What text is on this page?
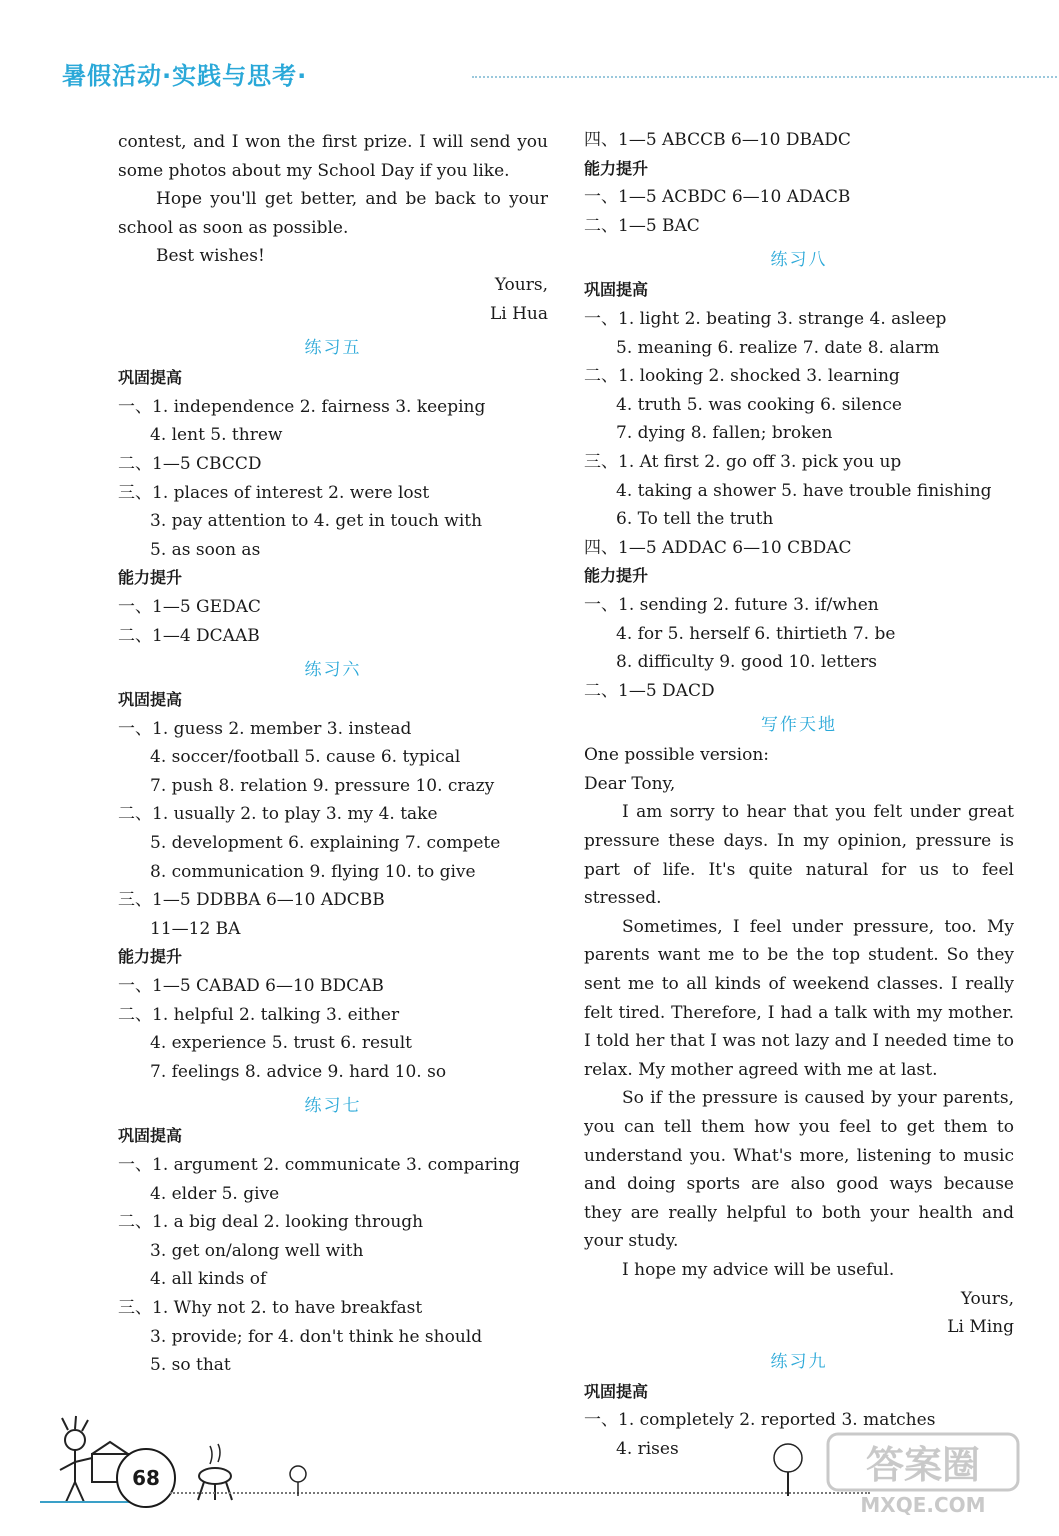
暑假活动·实践与思考·
contest, and I won the first prize. I will send you some photos about my School Day if you like.
Hope you'll get better, and be back to your school as soon as possible.
Best wishes!
Yours,
Li Hua
练习五
巩固提高
一、1. independence 2. fairness 3. keeping
4. lent 5. threw
二、1—5 CBCCD
三、1. places of interest 2. were lost
3. pay attention to 4. get in touch with
5. as soon as
能力提升
一、1—5 GEDAC
二、1—4 DCAAB
练习六
巩固提高
一、1. guess 2. member 3. instead
4. soccer/football 5. cause 6. typical
7. push 8. relation 9. pressure 10. crazy
二、1. usually 2. to play 3. my 4. take
5. development 6. explaining 7. compete
8. communication 9. flying 10. to give
三、1—5 DDBBA 6—10 ADCBB
11—12 BA
能力提升
一、1—5 CABAD 6—10 BDCAB
二、1. helpful 2. talking 3. either
4. experience 5. trust 6. result
7. feelings 8. advice 9. hard 10. so
练习七
巩固提高
一、1. argument 2. communicate 3. comparing
4. elder 5. give
二、1. a big deal 2. looking through
3. get on/along well with
4. all kinds of
三、1. Why not 2. to have breakfast
3. provide; for 4. don't think he should
5. so that
四、1—5 ABCCB 6—10 DBADC
能力提升
一、1—5 ACBDC 6—10 ADACB
二、1—5 BAC
练习八
巩固提高
一、1. light 2. beating 3. strange 4. asleep
5. meaning 6. realize 7. date 8. alarm
二、1. looking 2. shocked 3. learning
4. truth 5. was cooking 6. silence
7. dying 8. fallen; broken
三、1. At first 2. go off 3. pick you up
4. taking a shower 5. have trouble finishing
6. To tell the truth
四、1—5 ADDAC 6—10 CBDAC
能力提升
一、1. sending 2. future 3. if/when
4. for 5. herself 6. thirtieth 7. be
8. difficulty 9. good 10. letters
二、1—5 DACD
写作天地
One possible version:
Dear Tony,
I am sorry to hear that you felt under great pressure these days. In my opinion, pressure is part of life. It's quite natural for us to feel stressed.
Sometimes, I feel under pressure, too. My parents want me to be the top student. So they sent me to all kinds of weekend classes. I really felt tired. Therefore, I had a talk with my mother. I told her that I was not lazy and I needed time to relax. My mother agreed with me at last.
So if the pressure is caused by your parents, you can tell them how you feel to get them to understand you. What's more, listening to music and doing sports are also good ways because they are really helpful to both your health and your study.
I hope my advice will be useful.
Yours,
Li Ming
练习九
巩固提高
一、1. completely 2. reported 3. matches
4. rises
68	答案圈
MXQE.COM
